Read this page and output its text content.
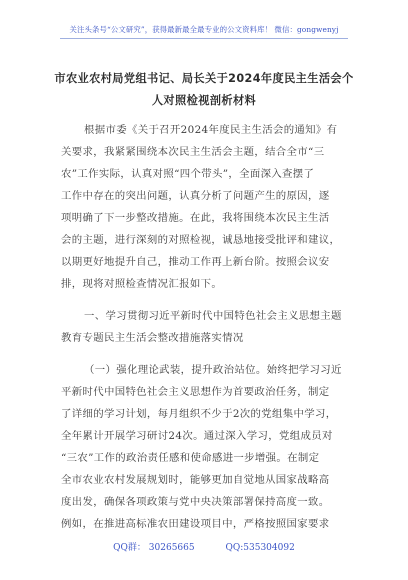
关注头条号“公文研究”，获得最新最全最专业的公文资料库！ 微信：gongwenyj
市农业农村局党组书记、局长关于2024年度民主生活会个
人对照检视剖析材料
根据市委《关于召开2024年度民主生活会的通知》有
关要求，我紧紧围绕本次民主生活会主题，结合全市“三
农”工作实际，认真对照“四个带头”，全面深入查摆了
工作中存在的突出问题，认真分析了问题产生的原因，逐
项明确了下一步整改措施。在此，我将围绕本次民主生活
会的主题，进行深刻的对照检视，诚恳地接受批评和建议，
以期更好地提升自己，推动工作再上新台阶。按照会议安
排，现将对照检查情况汇报如下。
一、学习贯彻习近平新时代中国特色社会主义思想主题
教育专题民主生活会整改措施落实情况
（一）强化理论武装，提升政治站位。始终把学习习近
平新时代中国特色社会主义思想作为首要政治任务，制定
了详细的学习计划，每月组织不少于2次的党组集中学习，
全年累计开展学习研讨24次。通过深入学习，党组成员对
“三农”工作的政治责任感和使命感进一步增强。在制定
全市农业农村发展规划时，能够更加自觉地从国家战略高
度出发，确保各项政策与党中央决策部署保持高度一致。
例如，在推进高标准农田建设项目中，严格按照国家要求
QQ群： 30265665	QQ:535304092
